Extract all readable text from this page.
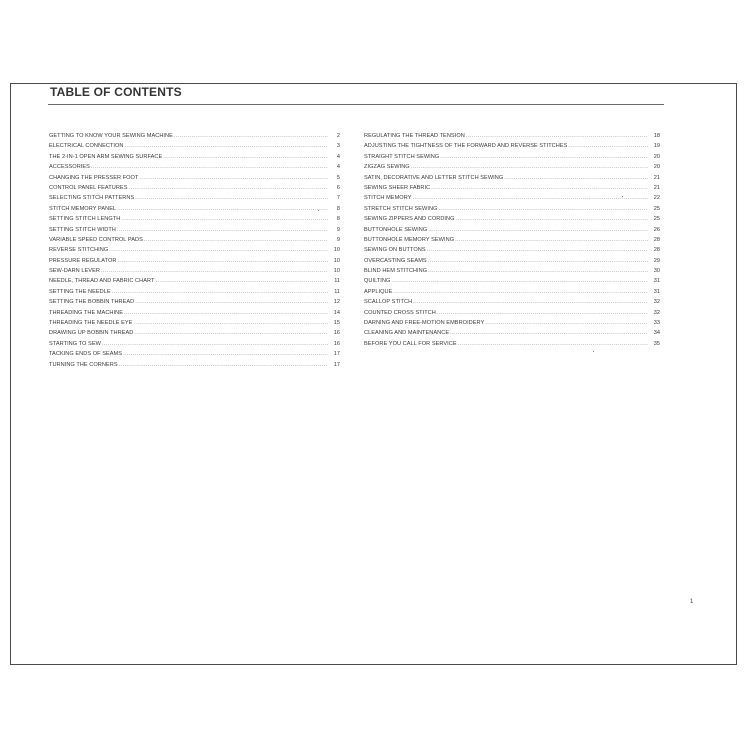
TABLE OF CONTENTS
GETTING TO KNOW YOUR SEWING MACHINE .....	2
ELECTRICAL CONNECTION .....	3
THE 2-IN-1 OPEN ARM SEWING SURFACE .....	4
ACCESSORIES .....	4
CHANGING THE PRESSER FOOT .....	5
CONTROL PANEL FEATURES .....	6
SELECTING STITCH PATTERNS .....	7
STITCH MEMORY PANEL .....	8
SETTING STITCH LENGTH .....	8
SETTING STITCH WIDTH .....	9
VARIABLE SPEED CONTROL PADS .....	9
REVERSE STITCHING .....	10
PRESSURE REGULATOR .....	10
SEW-DARN LEVER .....	10
NEEDLE, THREAD AND FABRIC CHART .....	11
SETTING THE NEEDLE .....	11
SETTING THE BOBBIN THREAD .....	12
THREADING THE MACHINE .....	14
THREADING THE NEEDLE EYE .....	15
DRAWING UP BOBBIN THREAD .....	16
STARTING TO SEW .....	16
TACKING ENDS OF SEAMS .....	17
TURNING THE CORNERS .....	17
REGULATING THE THREAD TENSION .....	18
ADJUSTING THE TIGHTNESS OF THE FORWARD AND REVERSE STITCHES .....	19
STRAIGHT STITCH SEWING .....	20
ZIGZAG SEWING .....	20
SATIN, DECORATIVE AND LETTER STITCH SEWING .....	21
SEWING SHEER FABRIC .....	21
STITCH MEMORY .....	22
STRETCH STITCH SEWING .....	25
SEWING ZIPPERS AND CORDING .....	25
BUTTONHOLE SEWING .....	26
BUTTONHOLE MEMORY SEWING .....	28
SEWING ON BUTTONS .....	28
OVERCASTING SEAMS .....	29
BLIND HEM STITCHING .....	30
QUILTING .....	31
APPLIQUE .....	31
SCALLOP STITCH .....	32
COUNTED CROSS STITCH .....	32
DARNING AND FREE-MOTION EMBROIDERY .....	33
CLEANING AND MAINTENANCE .....	34
BEFORE YOU CALL FOR SERVICE .....	35
1
